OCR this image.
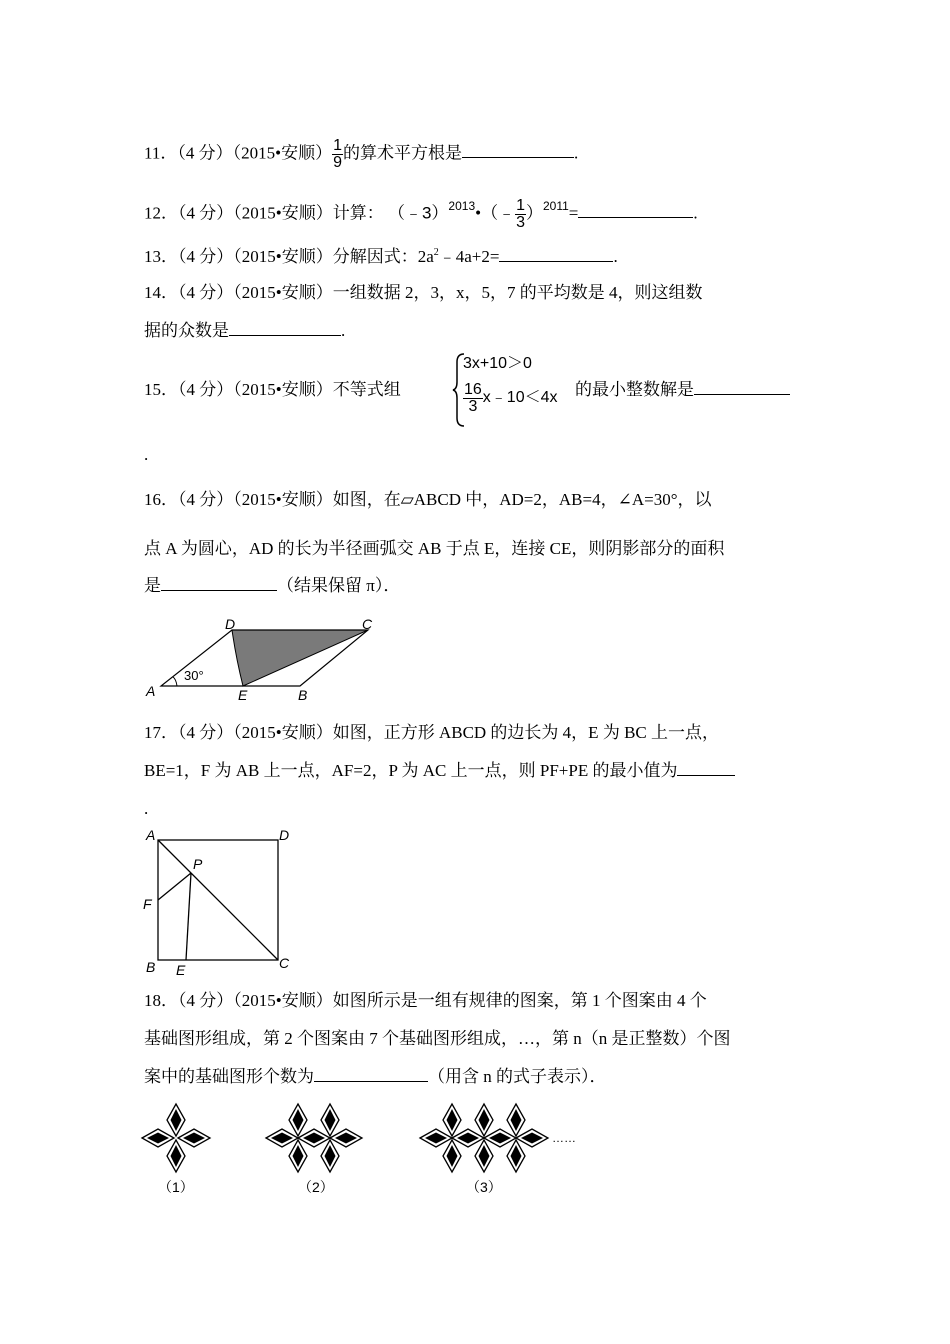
11．（4 分）（2015•安顺） $\frac{1}{9}$ 的算术平方根是	.
12．（4 分）（2015•安顺）计算： （﹣3）$^{2013}$•（﹣ $\frac{1}{3} )^{2011}=$	.
13．（4 分）（2015•安顺）分解因式：$2a^2﹣4a+2=$	.
14．（4 分）（2015•安顺）一组数据 2，3，x，5，7 的平均数是 4，则这组数
据的众数是	.
15．（4 分）（2015•安顺）不等式组
3x+10＞0
$\frac{16}{3}$ x﹣10＜4x 的最小整数解是
.
16．（4 分）（2015•安顺）如图，在▱ABCD 中，AD=2，AB=4，∠A=30°，以
点 A 为圆心，AD 的长为半径画弧交 AB 于点 E，连接 CE，则阴影部分的面积
是	（结果保留 π）．
A	B
C
D
E
30°
17．（4 分）（2015•安顺）如图，正方形 ABCD 的边长为 4，E 为 BC 上一点，
BE=1，F 为 AB 上一点，AF=2，P 为 AC 上一点，则 PF+PE 的最小值为
.
A	D
B	C
E
F
P
18．（4 分）（2015•安顺）如图所示是一组有规律的图案，第 1 个图案由 4 个
基础图形组成，第 2 个图案由 7 个基础图形组成，…，第 n（n 是正整数）个图
案中的基础图形个数为	（用含 n 的式子表示）．
……
（1）	（2）	（3）
